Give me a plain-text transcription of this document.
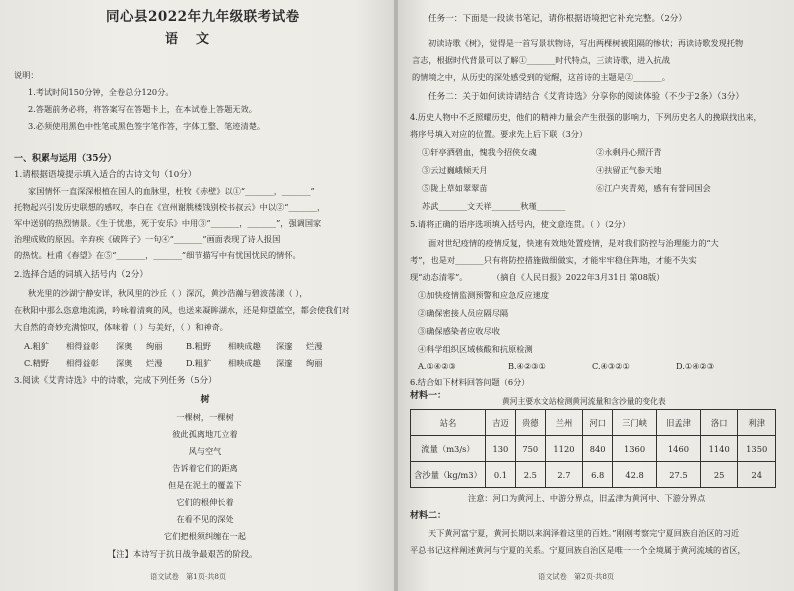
同心县2022年九年级联考试卷
语文
说明：
1.考试时间150分钟，全卷总分120分。
2.答题前务必将，将答案写在答题卡上，在本试卷上答题无效。
3.必须使用黑色中性笔或黑色签字笔作答，字体工整、笔迹清楚。
一、积累与运用（35分）
1.请根据语境提示填入适合的古诗文句（10分）
家国情怀一直深深根植在国人的血脉里，杜牧《赤壁》以①“_______，_______”
托物起兴引发历史联想的感叹，李白在《宣州谢朓楼饯别校书叔云》中以②“_______，
军中送别的热烈情景。《生于忧患，死于安乐》中用③“_______，_______”，强调国家
治理成败的原因。辛弃疾《破阵子》一句④“_______”画面表现了诗人报国
的热忱。杜甫《春望》在⑤“_______，_______”细节描写中有忧国忧民的情怀。
2.选择合适的词填入括号内（2分）
秋光里的沙湖宁静安详，秋风里的沙丘（ ）深沉，黄沙浩瀚与碧波荡漾（ ），
在秋阳中那么恣意地流淌，吟咏着清爽的风，也送来凝眸湖水，还是仰望蓝空，都会使我们对
大自然的奇妙充满惊叹，体味着（ ）与美好，（ ）和神奇。
A.粗犷 相得益彰 深奥 绚丽	B.粗野 相映成趣 深邃 烂漫
C.精野 相得益彰 深奥 烂漫	D.粗犷 相映成趣 深邃 绚丽
3.阅读《艾青诗选》中的诗歌，完成下列任务（5分）
树
一棵树，一棵树
彼此孤离地兀立着
风与空气
告诉着它们的距离
但是在泥土的覆盖下
它们的根伸长着
在看不见的深处
它们把根须纠缠在一起
【注】本诗写于抗日战争最艰苦的阶段。
语文试卷　第1页·共8页
任务一：下面是一段读书笔记，请你根据语境把它补充完整。（2分）
初读诗歌《树》，觉得是一首写景状物诗，写出两棵树被阻隔的惨状；再读诗歌发现托物
言志，根据时代背景可以了解①_______时代特点，三读诗歌，进入抗战
的情境之中，从历史的深处感受到的觉醒，这首诗的主题是②_______。
任务二：关于如何读诗请结合《艾青诗选》分享你的阅读体验（不少于2条）（3分）
4.历史人物中不乏照耀历史，他们的精神力量会产生很强的影响力，下列历史名人的挽联找出来，
将序号填入对应的位置。要求先上后下联（3分）
①轩亭洒碧血，愧我今招侠女魂	②永剩丹心照汗青
③云过巍峨倾天月	④扶留正气参天地
⑤陇上草如翠翠苗	⑥江户夹青苑，感有有誉同国会
苏武_______文天祥_______秋瑾_______
5.请将正确的语序选项填入括号内，使文意连贯。（ ）（2分）
面对世纪疫情的疫情反复，快速有效地处置疫情，是对我们防控与治理能力的“大
考”，也是对_______只有将防控措施做细做实，才能牢牢稳住阵地，才能不失实
现“动态清零”。　　　　（摘自《人民日报》2022年3月31日 第08版）
①加快疫情监测预警和应急反应速度
②确保密接人员应隔尽隔
③确保感染者应收尽收
④科学组织区域核酸和抗原检测
A.①④②③	B.④②③①	C.④③②①	D.①④②③
6.结合如下材料回答问题（6分）
材料一：
黄河主要水文站检测黄河流量和含沙量的变化表
站名	吉迈	贵德	兰州	河口	三门峡	旧孟津	洛口	利津
流量（m3/s）	130	750	1120	840	1360	1460	1140	1350
含沙量（kg/m3）	0.1	2.5	2.7	6.8	42.8	27.5	25	24
注意：河口为黄河上、中游分界点，旧孟津为黄河中、下游分界点
材料二：
天下黄河富宁夏，黄河长期以来润泽着这里的百姓。”刚刚考察完宁夏回族自治区的习近
平总书记这样阐述黄河与宁夏的关系。宁夏回族自治区是唯一一个全境属于黄河流域的省区，
语文试卷　第2页·共8页
